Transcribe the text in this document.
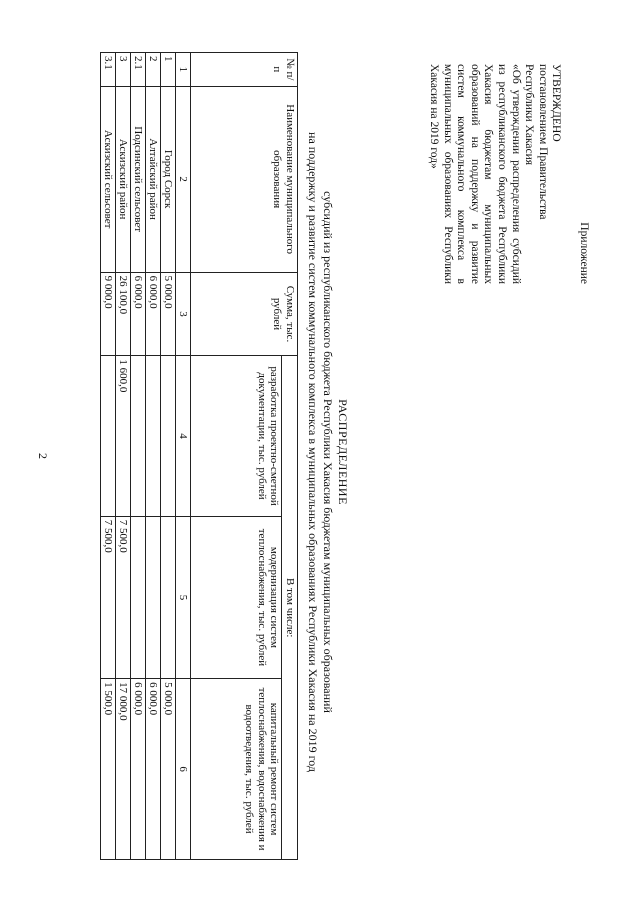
2
Приложение
УТВЕРЖДЕНО
постановлением Правительства
Республики Хакасия
«Об утверждении распределения субсидий из республиканского бюджета Республики Хакасия бюджетам муниципальных образований на поддержку и развитие систем коммунального комплекса в муниципальных образованиях Республики Хакасия на 2019 год»
РАСПРЕДЕЛЕНИЕ
субсидий из республиканского бюджета Республики Хакасия бюджетам муниципальных образований
на поддержку и развитие систем коммунального комплекса в муниципальных образованиях Республики Хакасия на 2019 год
№ п/п	Наименование муниципального образования	Сумма, тыс. рублей	В том числе:		
			разработка проектно-сметной документации, тыс. рублей	модернизация систем теплоснабжения, тыс. рублей	капитальный ремонт систем теплоснабжения, водоснабжения и водоотведения, тыс. рублей
1	2	3	4	5	6
1	Город Сорск	5 000,0			5 000,0
2	Алтайский район	6 000,0			6 000,0
2.1	Подсинский сельсовет	6 000,0			6 000,0
3	Аскизский район	26 100,0	1 600,0	7 500,0	17 000,0
3.1	Аскизский сельсовет	9 000,0		7 500,0	1 500,0
